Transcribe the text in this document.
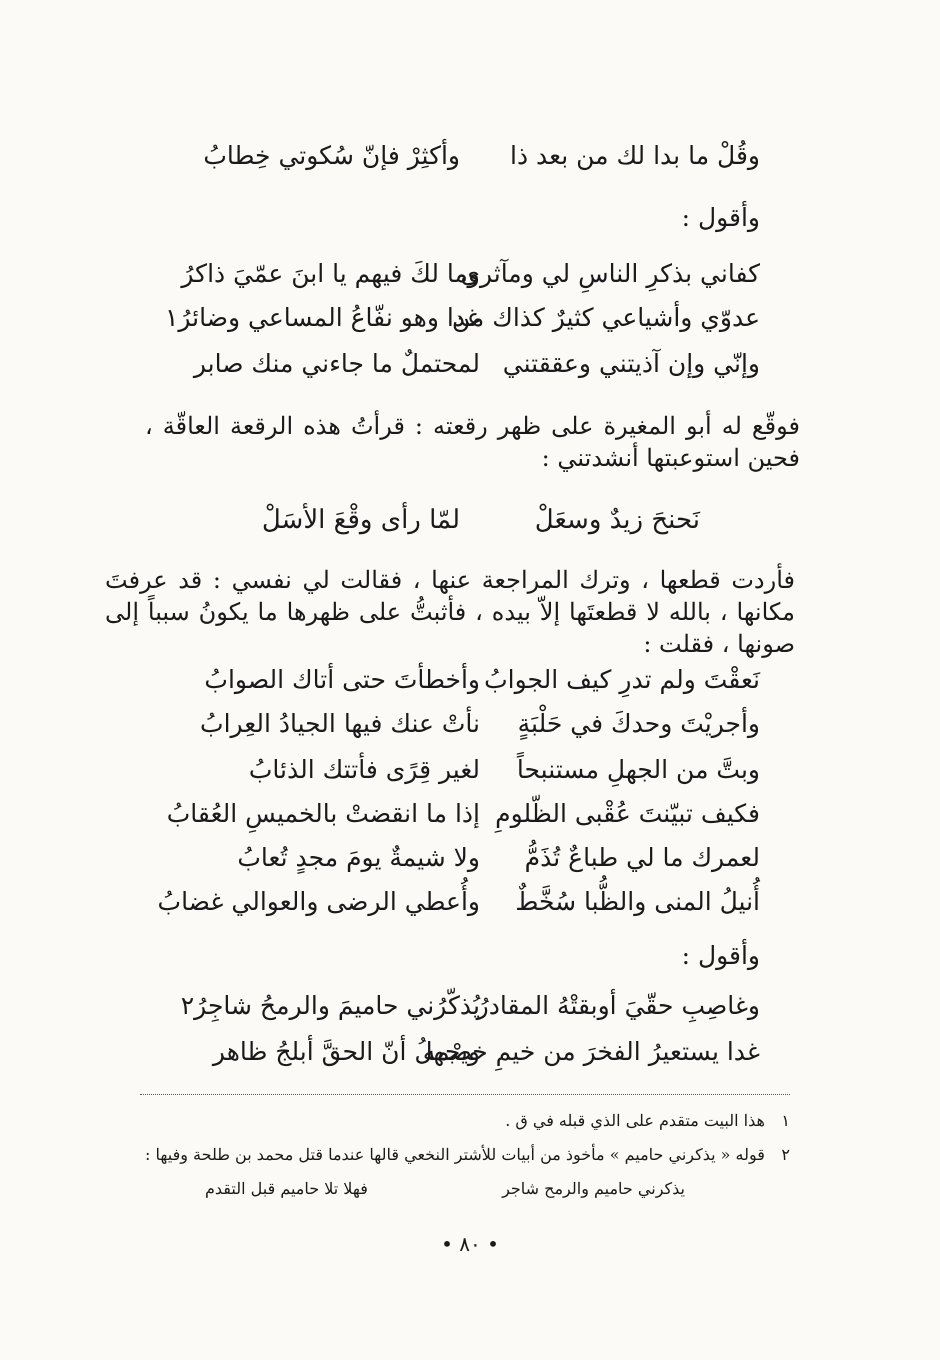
وقُلْ ما بدا لك من بعد ذا
وأكثِرْ فإنّ سُكوتي خِطابُ
وأقول :
كفاني بذكرِ الناسِ لي ومآثري
وما لكَ فيهم يا ابنَ عمّيَ ذاكرُ
عدوّي وأشياعي كثيرٌ كذاك من
غدا وهو نفّاعُ المساعي وضائرُ١
وإنّي وإن آذيتني وعققتني
لمحتملٌ ما جاءني منك صابر
فوقّع له أبو المغيرة على ظهر رقعته : قرأتُ هذه الرقعة العاقّة ، فحين استوعبتها أنشدتني :
نَحنحَ زيدٌ وسعَلْ
لمّا رأى وقْعَ الأسَلْ
فأردت قطعها ، وترك المراجعة عنها ، فقالت لي نفسي : قد عرفتَ مكانها ، بالله لا قطعتَها إلاّ بيده ، فأثبتُّ على ظهرها ما يكونُ سبباً إلى صونها ، فقلت :
نَعقْتَ ولم تدرِ كيف الجوابُ
وأخطأتَ حتى أتاك الصوابُ
وأجريْتَ وحدكَ في حَلْبَةٍ
نأتْ عنك فيها الجيادُ العِرابُ
وبتَّ من الجهلِ مستنبحاً
لغير قِرًى فأتتك الذئابُ
فكيف تبيّنتَ عُقْبى الظّلومِ
إذا ما انقضتْ بالخميسِ العُقابُ
لعمرك ما لي طباعٌ تُذَمُّ
ولا شيمةٌ يومَ مجدٍ تُعابُ
أُنيلُ المنى والظُّبا سُخَّطٌ
وأُعطي الرضى والعوالي غضابُ
وأقول :
وغاصِبِ حقّيَ أوبقتْهُ المقادرُ
يُذكّرُني حاميمَ والرمحُ شاجِرُ٢
غدا يستعيرُ الفخرَ من خيمِ خصْمه
ويجهلُ أنّ الحقَّ أبلجُ ظاهر
١ هذا البيت متقدم على الذي قبله في ق .
٢ قوله « يذكرني حاميم » مأخوذ من أبيات للأشتر النخعي قالها عندما قتل محمد بن طلحة وفيها :
يذكرني حاميم والرمح شاجر
فهلا تلا حاميم قبل التقدم
• ٨٠ •
